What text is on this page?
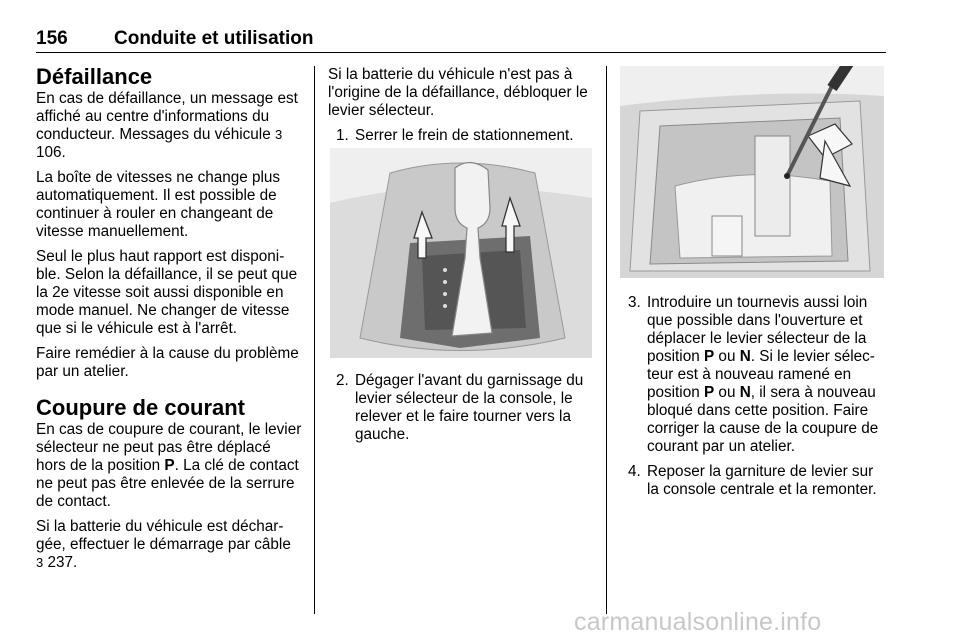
156 Conduite et utilisation
Défaillance

En cas de défaillance, un message est affiché au centre d'informations du conducteur. Messages du véhicule 3 106.

La boîte de vitesses ne change plus automatiquement. Il est possible de continuer à rouler en changeant de vitesse manuellement.

Seul le plus haut rapport est disponible. Selon la défaillance, il se peut que la 2e vitesse soit aussi disponible en mode manuel. Ne changer de vitesse que si le véhicule est à l'arrêt.

Faire remédier à la cause du problème par un atelier.

Coupure de courant

En cas de coupure de courant, le levier sélecteur ne peut pas être déplacé hors de la position P. La clé de contact ne peut pas être enlevée de la serrure de contact.

Si la batterie du véhicule est déchargée, effectuer le démarrage par câble 3 237.

Si la batterie du véhicule n'est pas à l'origine de la défaillance, débloquer le levier sélecteur.

1. Serrer le frein de stationnement.
2. Dégager l'avant du garnissage du levier sélecteur de la console, le relever et le faire tourner vers la gauche.
3. Introduire un tournevis aussi loin que possible dans l'ouverture et déplacer le levier sélecteur de la position P ou N. Si le levier sélecteur est à nouveau ramené en position P ou N, il sera à nouveau bloqué dans cette position. Faire corriger la cause de la coupure de courant par un atelier.
4. Reposer la garniture de levier sur la console centrale et la remonter.
carmanualsonline.info
